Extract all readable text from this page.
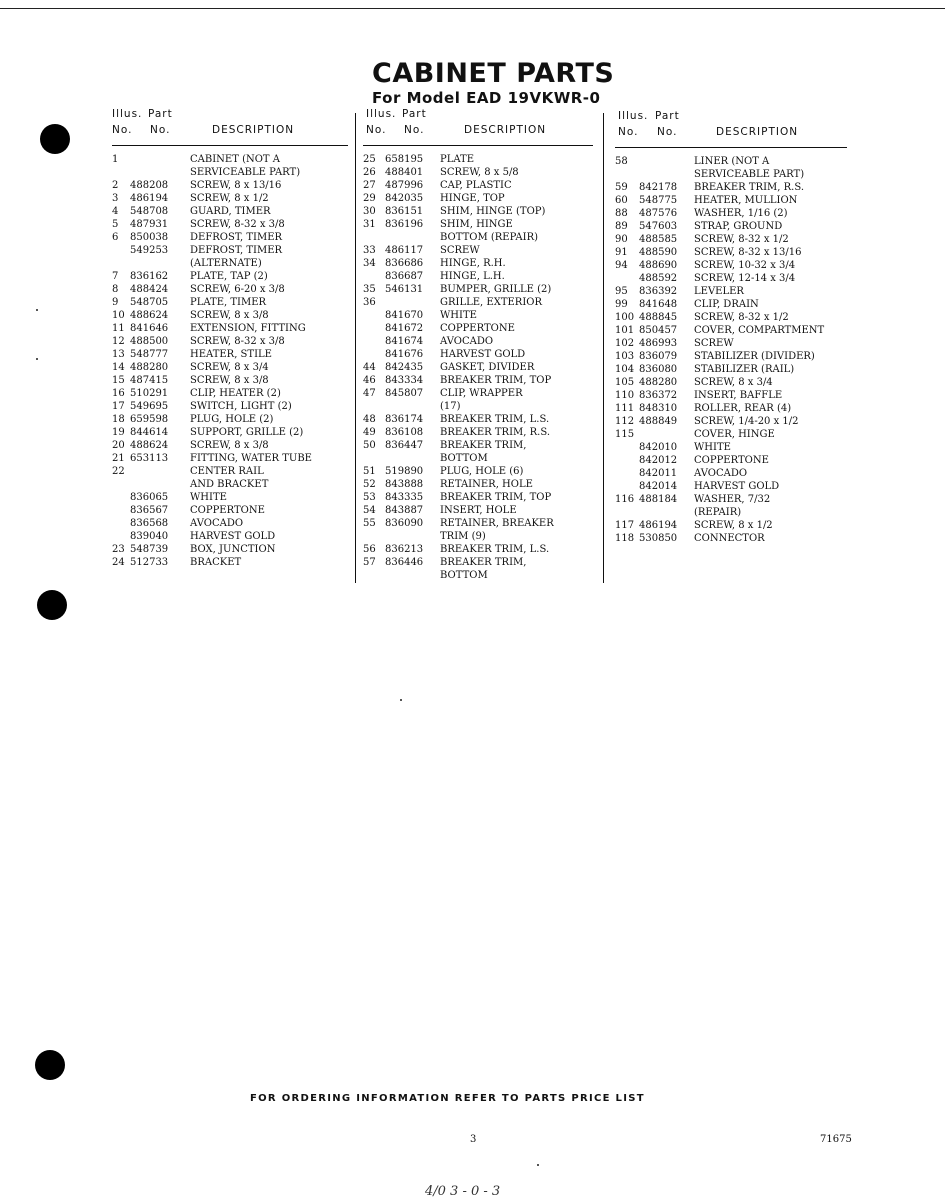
CABINET PARTS
For Model EAD 19VKWR-0
Illus. Part
No. No.	DESCRIPTION
1	CABINET (NOT A
SERVICEABLE PART)
2	488208	SCREW, 8 x 13/16
3	486194	SCREW, 8 x 1/2
4	548708	GUARD, TIMER
5	487931	SCREW, 8-32 x 3/8
6	850038	DEFROST, TIMER
549253	DEFROST, TIMER
(ALTERNATE)
7	836162	PLATE, TAP (2)
8	488424	SCREW, 6-20 x 3/8
9	548705	PLATE, TIMER
10 488624	SCREW, 8 x 3/8
11 841646	EXTENSION, FITTING
12 488500	SCREW, 8-32 x 3/8
13 548777	HEATER, STILE
14 488280	SCREW, 8 x 3/4
15 487415	SCREW, 8 x 3/8
16 510291	CLIP, HEATER (2)
17 549695	SWITCH, LIGHT (2)
18 659598	PLUG, HOLE (2)
19 844614	SUPPORT, GRILLE (2)
20 488624	SCREW, 8 x 3/8
21 653113	FITTING, WATER TUBE
22	CENTER RAIL
AND BRACKET
836065	WHITE
836567	COPPERTONE
836568	AVOCADO
839040	HARVEST GOLD
23 548739	BOX, JUNCTION
24 512733	BRACKET
Illus. Part
No. No.	DESCRIPTION
25 658195	PLATE
26 488401	SCREW, 8 x 5/8
27 487996	CAP, PLASTIC
29 842035	HINGE, TOP
30 836151	SHIM, HINGE (TOP)
31 836196	SHIM, HINGE
BOTTOM (REPAIR)
33 486117	SCREW
34 836686	HINGE, R.H.
836687	HINGE, L.H.
35 546131	BUMPER, GRILLE (2)
36	GRILLE, EXTERIOR
841670	WHITE
841672	COPPERTONE
841674	AVOCADO
841676	HARVEST GOLD
44 842435	GASKET, DIVIDER
46 843334	BREAKER TRIM, TOP
47 845807	CLIP, WRAPPER
(17)
48 836174	BREAKER TRIM, L.S.
49 836108	BREAKER TRIM, R.S.
50 836447	BREAKER TRIM,
BOTTOM
51 519890	PLUG, HOLE (6)
52 843888	RETAINER, HOLE
53 843335	BREAKER TRIM, TOP
54 843887	INSERT, HOLE
55 836090	RETAINER, BREAKER
TRIM (9)
56 836213	BREAKER TRIM, L.S.
57 836446	BREAKER TRIM,
BOTTOM
Illus. Part
No. No.	DESCRIPTION
58	LINER (NOT A
SERVICEABLE PART)
59	842178	BREAKER TRIM, R.S.
60	548775	HEATER, MULLION
88	487576	WASHER, 1/16 (2)
89	547603	STRAP, GROUND
90	488585	SCREW, 8-32 x 1/2
91	488590	SCREW, 8-32 x 13/16
94	488690	SCREW, 10-32 x 3/4
488592	SCREW, 12-14 x 3/4
95	836392	LEVELER
99	841648	CLIP, DRAIN
100 488845	SCREW, 8-32 x 1/2
101 850457	COVER, COMPARTMENT
102 486993	SCREW
103 836079	STABILIZER (DIVIDER)
104 836080	STABILIZER (RAIL)
105 488280	SCREW, 8 x 3/4
110 836372	INSERT, BAFFLE
111 848310	ROLLER, REAR (4)
112 488849	SCREW, 1/4-20 x 1/2
115	COVER, HINGE
842010	WHITE
842012	COPPERTONE
842011	AVOCADO
842014	HARVEST GOLD
116 488184	WASHER, 7/32
(REPAIR)
117 486194	SCREW, 8 x 1/2
118 530850	CONNECTOR

FOR ORDERING INFORMATION REFER TO PARTS PRICE LIST

3	71675
4/0 3 - 0 - 3
